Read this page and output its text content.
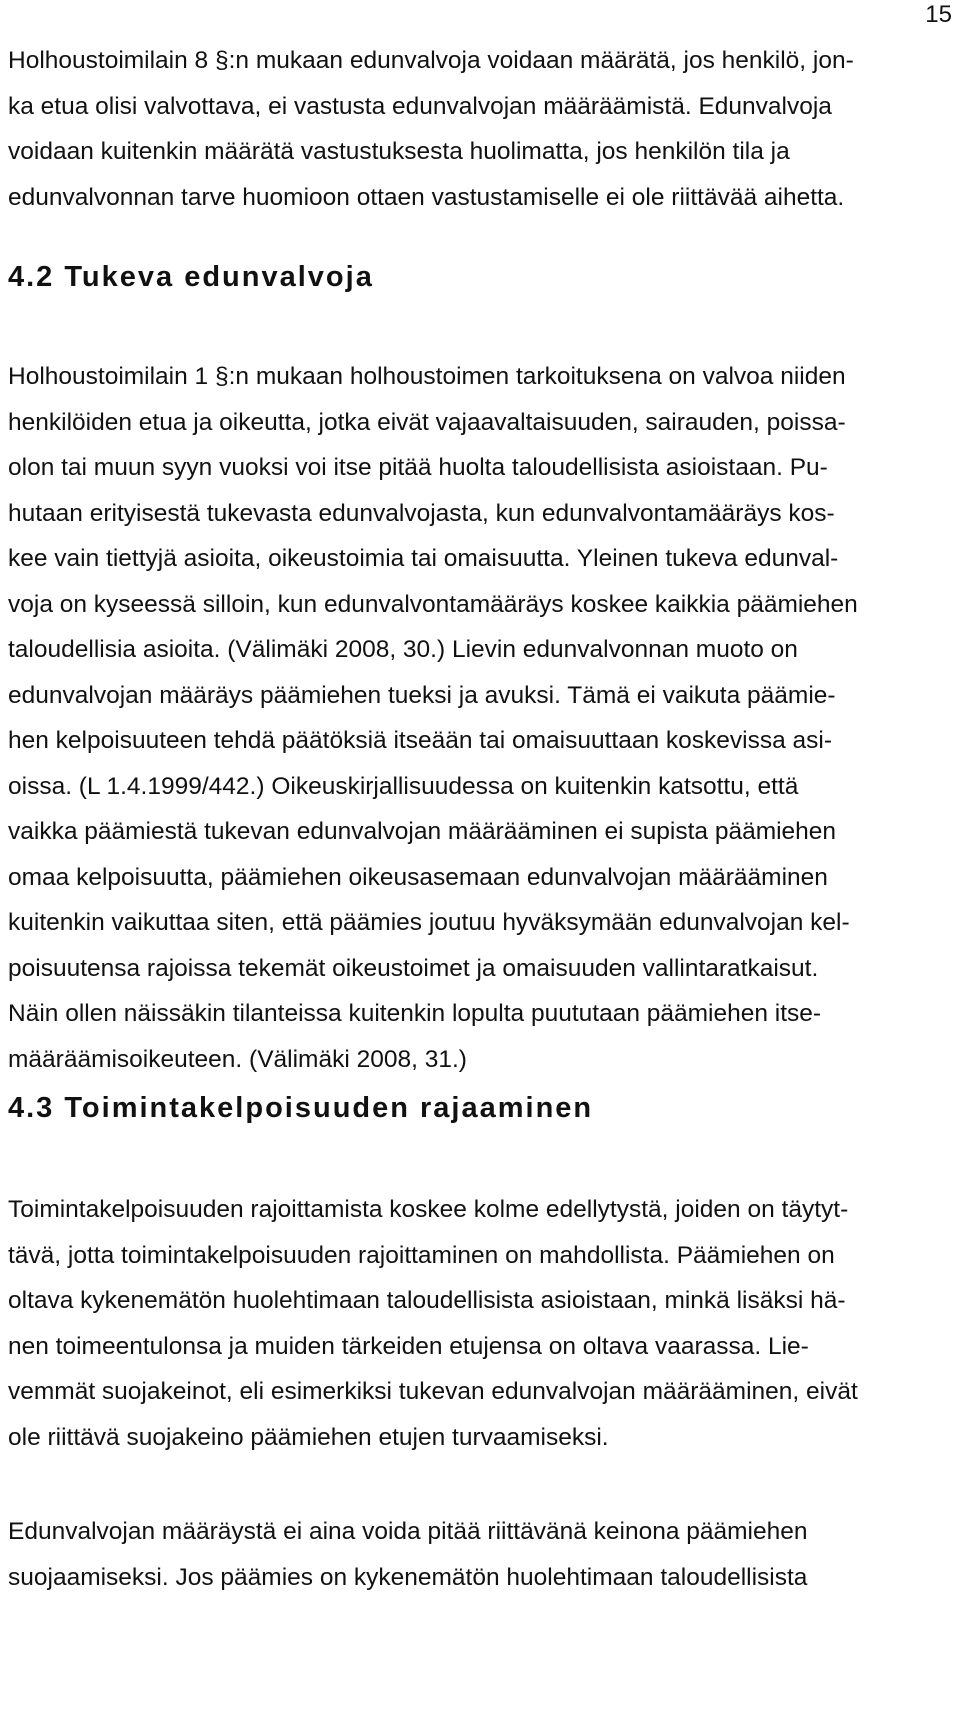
15

Holhoustoimilain 8 §:n mukaan edunvalvoja voidaan määrätä, jos henkilö, jon-
ka etua olisi valvottava, ei vastusta edunvalvojan määräämistä. Edunvalvoja
voidaan kuitenkin määrätä vastustuksesta huolimatta, jos henkilön tila ja
edunvalvonnan tarve huomioon ottaen vastustamiselle ei ole riittävää aihetta.

4.2 Tukeva edunvalvoja

Holhoustoimilain 1 §:n mukaan holhoustoimen tarkoituksena on valvoa niiden
henkilöiden etua ja oikeutta, jotka eivät vajaavaltaisuuden, sairauden, poissa-
olon tai muun syyn vuoksi voi itse pitää huolta taloudellisista asioistaan. Pu-
hutaan erityisestä tukevasta edunvalvojasta, kun edunvalvontamääräys kos-
kee vain tiettyjä asioita, oikeustoimia tai omaisuutta. Yleinen tukeva edunval-
voja on kyseessä silloin, kun edunvalvontamääräys koskee kaikkia päämiehen
taloudellisia asioita. (Välimäki 2008, 30.) Lievin edunvalvonnan muoto on
edunvalvojan määräys päämiehen tueksi ja avuksi. Tämä ei vaikuta päämie-
hen kelpoisuuteen tehdä päätöksiä itseään tai omaisuuttaan koskevissa asi-
oissa. (L 1.4.1999/442.) Oikeuskirjallisuudessa on kuitenkin katsottu, että
vaikka päämiestä tukevan edunvalvojan määrääminen ei supista päämiehen
omaa kelpoisuutta, päämiehen oikeusasemaan edunvalvojan määrääminen
kuitenkin vaikuttaa siten, että päämies joutuu hyväksymään edunvalvojan kel-
poisuutensa rajoissa tekemät oikeustoimet ja omaisuuden vallintaratkaisut.
Näin ollen näissäkin tilanteissa kuitenkin lopulta puututaan päämiehen itse-
määräämisoikeuteen. (Välimäki 2008, 31.)

4.3 Toimintakelpoisuuden rajaaminen

Toimintakelpoisuuden rajoittamista koskee kolme edellytystä, joiden on täytyt-
tävä, jotta toimintakelpoisuuden rajoittaminen on mahdollista. Päämiehen on
oltava kykenemätön huolehtimaan taloudellisista asioistaan, minkä lisäksi hä-
nen toimeentulonsa ja muiden tärkeiden etujensa on oltava vaarassa. Lie-
vemmät suojakeinot, eli esimerkiksi tukevan edunvalvojan määrääminen, eivät
ole riittävä suojakeino päämiehen etujen turvaamiseksi.

Edunvalvojan määräystä ei aina voida pitää riittävänä keinona päämiehen
suojaamiseksi. Jos päämies on kykenemätön huolehtimaan taloudellisista
